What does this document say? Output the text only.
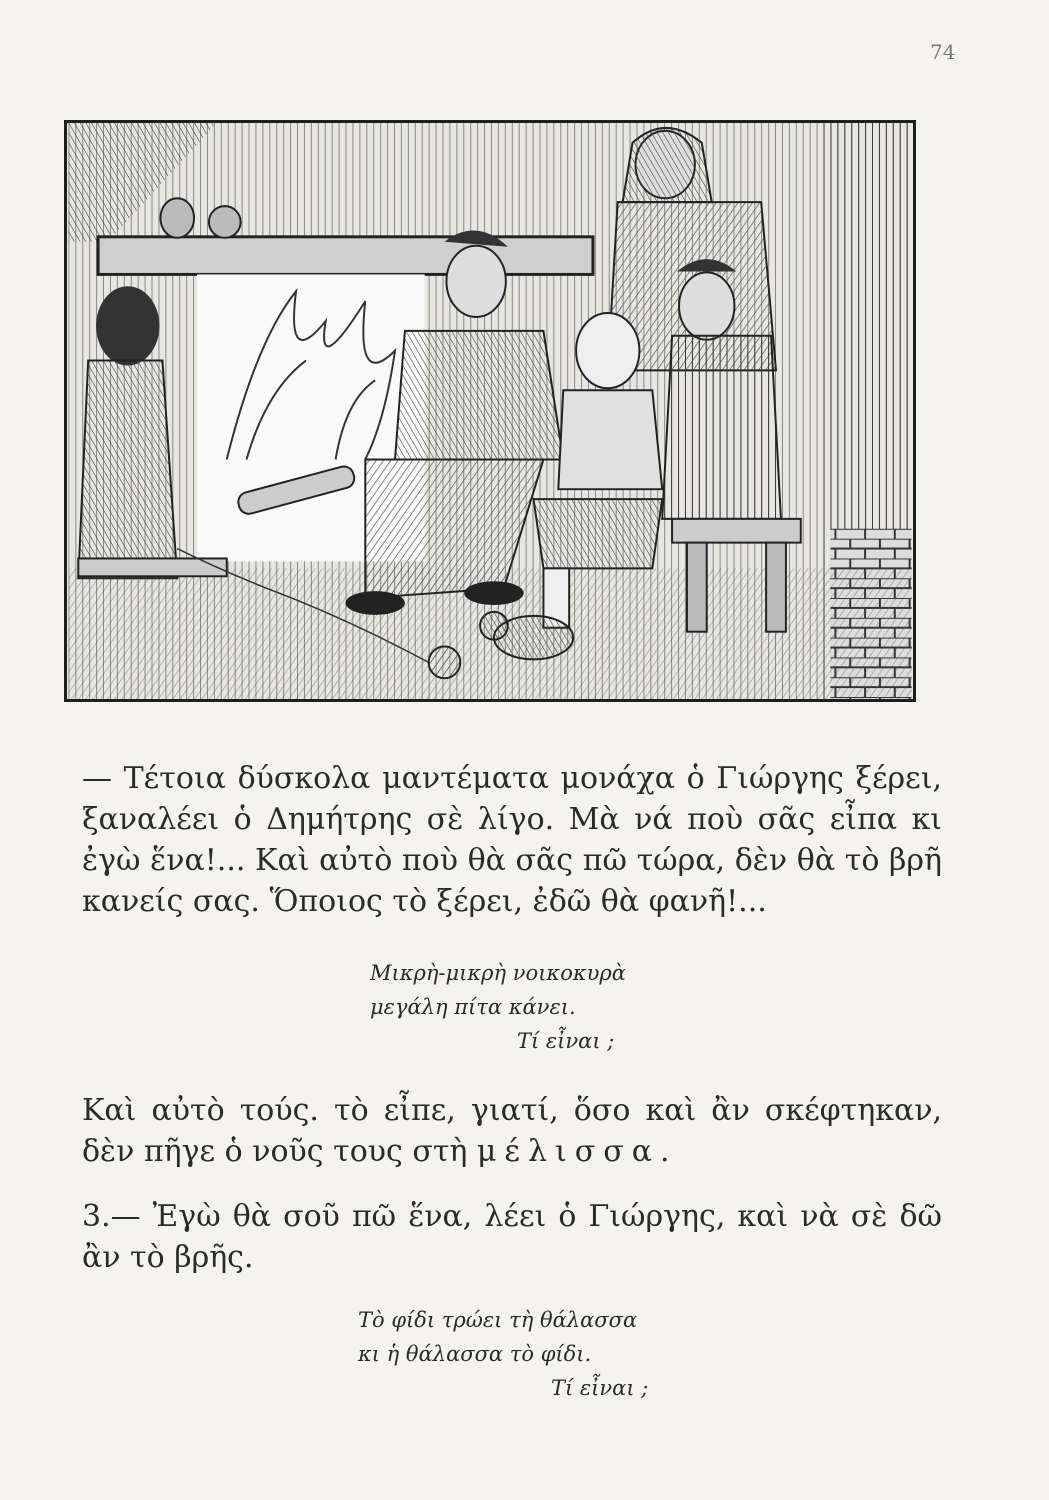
74

— Τέτοια δύσκολα μαντέματα μονάχα ὁ Γιώργης ξέρει, ξαναλέει ὁ Δημήτρης σὲ λίγο. Μὰ νά ποὺ σᾶς εἶπα κι ἐγὼ ἕνα!... Καὶ αὐτὸ ποὺ θὰ σᾶς πῶ τώρα, δὲν θὰ τὸ βρῆ κανείς σας. Ὅποιος τὸ ξέρει, ἐδῶ θὰ φανῆ!...

Μικρὴ-μικρὴ νοικοκυρὰ
μεγάλη πίτα κάνει.
Τί εἶναι ;

Καὶ αὐτὸ τούς. τὸ εἶπε, γιατί, ὅσο καὶ ἂν σκέφτηκαν, δὲν πῆγε ὁ νοῦς τους στὴ μέλισσα.

3.— Ἐγὼ θὰ σοῦ πῶ ἕνα, λέει ὁ Γιώργης, καὶ νὰ σὲ δῶ ἂν τὸ βρῆς.

Τὸ φίδι τρώει τὴ θάλασσα
κι ἡ θάλασσα τὸ φίδι.
Τί εἶναι ;
